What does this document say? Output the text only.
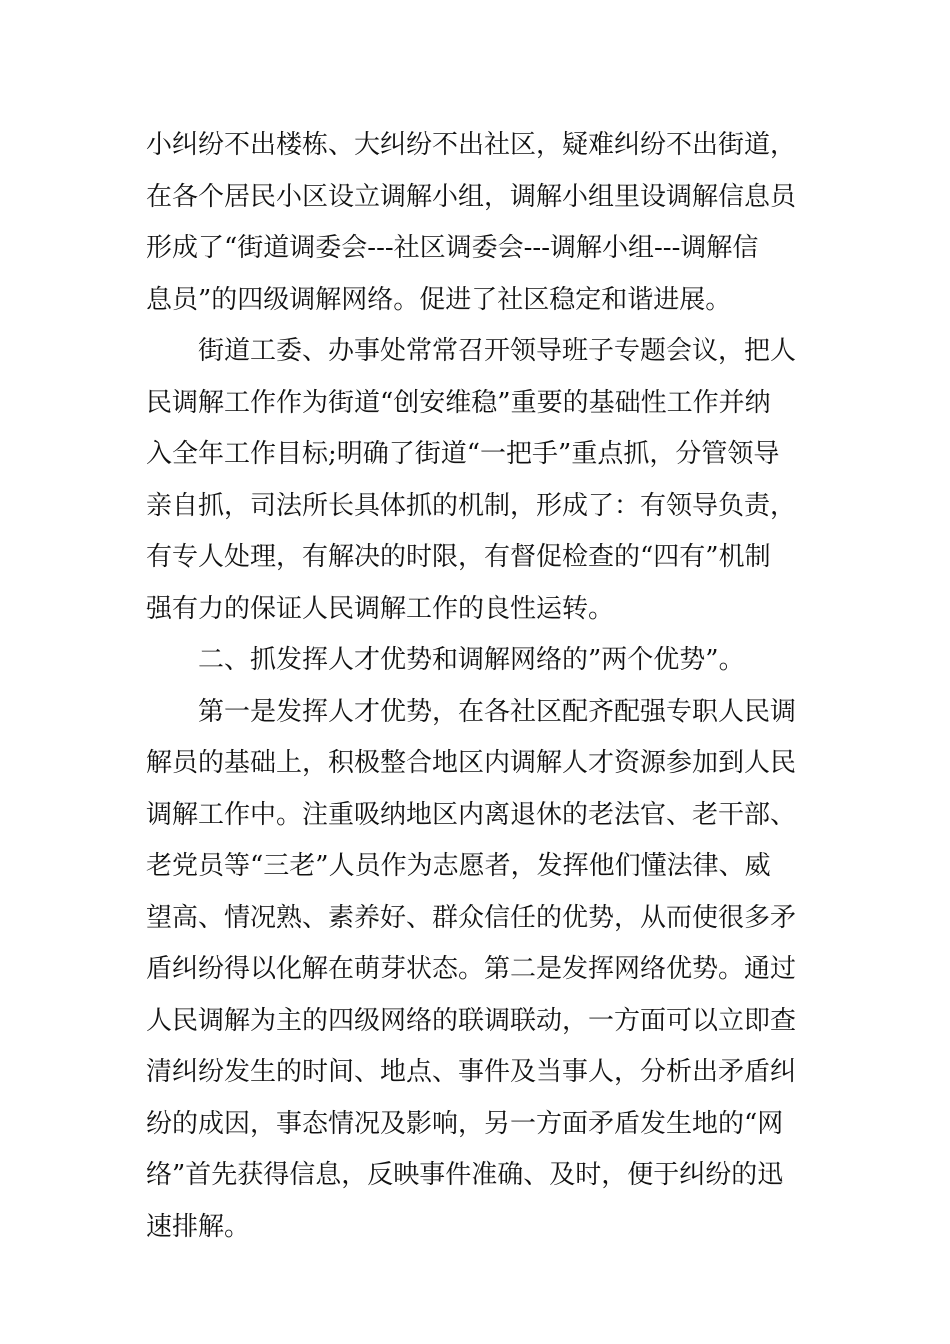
小纠纷不出楼栋、大纠纷不出社区，疑难纠纷不出街道，
在各个居民小区设立调解小组，调解小组里设调解信息员
形成了“街道调委会---社区调委会---调解小组---调解信
息员”的四级调解网络。促进了社区稳定和谐进展。
街道工委、办事处常常召开领导班子专题会议，把人
民调解工作作为街道“创安维稳”重要的基础性工作并纳
入全年工作目标;明确了街道“一把手”重点抓，分管领导
亲自抓，司法所长具体抓的机制，形成了：有领导负责，
有专人处理，有解决的时限，有督促检查的“四有”机制
强有力的保证人民调解工作的良性运转。
二、抓发挥人才优势和调解网络的”两个优势”。
第一是发挥人才优势，在各社区配齐配强专职人民调
解员的基础上，积极整合地区内调解人才资源参加到人民
调解工作中。注重吸纳地区内离退休的老法官、老干部、
老党员等“三老”人员作为志愿者，发挥他们懂法律、威
望高、情况熟、素养好、群众信任的优势，从而使很多矛
盾纠纷得以化解在萌芽状态。第二是发挥网络优势。通过
人民调解为主的四级网络的联调联动，一方面可以立即查
清纠纷发生的时间、地点、事件及当事人，分析出矛盾纠
纷的成因，事态情况及影响，另一方面矛盾发生地的“网
络”首先获得信息，反映事件准确、及时，便于纠纷的迅
速排解。
